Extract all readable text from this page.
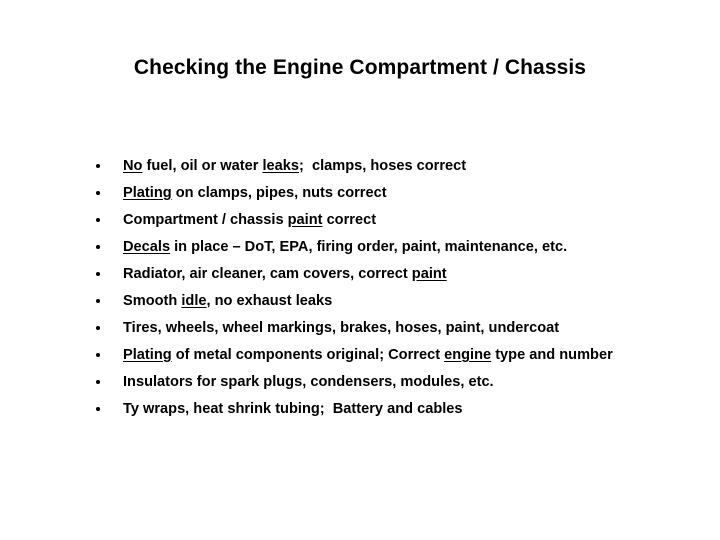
Checking the Engine Compartment / Chassis
No fuel, oil or water leaks;  clamps, hoses correct
Plating on clamps, pipes, nuts correct
Compartment / chassis paint correct
Decals in place – DoT, EPA, firing order, paint, maintenance, etc.
Radiator, air cleaner, cam covers, correct paint
Smooth idle, no exhaust leaks
Tires, wheels, wheel markings, brakes, hoses, paint, undercoat
Plating of metal components original; Correct engine type and number
Insulators for spark plugs, condensers, modules, etc.
Ty wraps, heat shrink tubing;  Battery and cables
